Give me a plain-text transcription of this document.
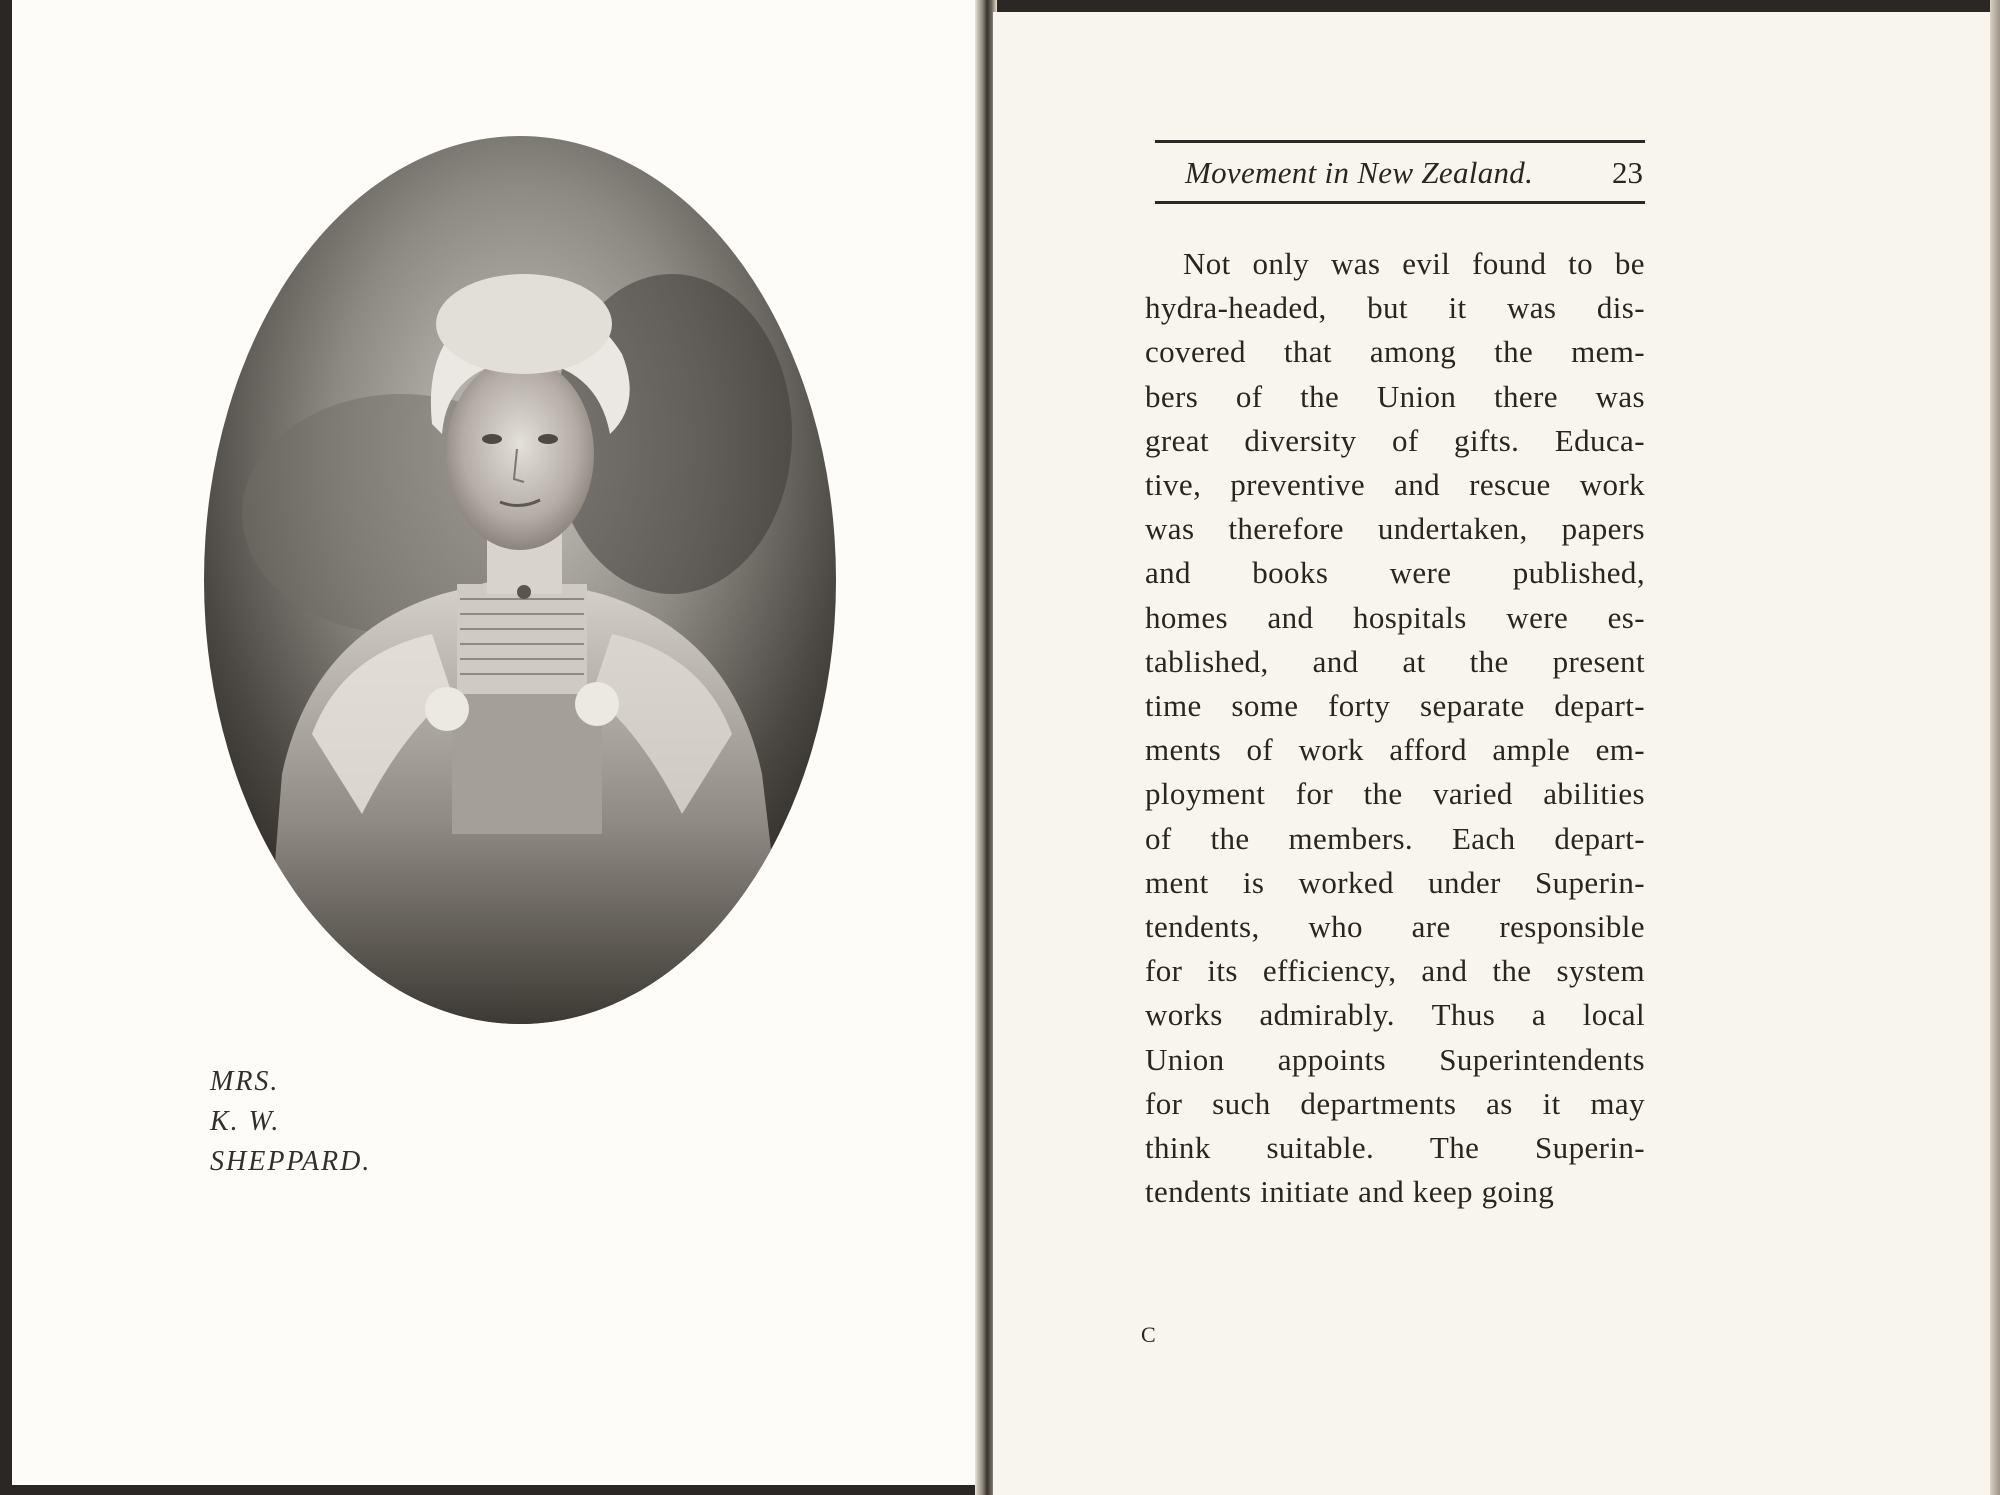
MRS.
K. W.
SHEPPARD.
Movement in New Zealand.	23
Not only was evil found to be
hydra-headed, but it was dis-
covered that among the mem-
bers of the Union there was
great diversity of gifts. Educa-
tive, preventive and rescue work
was therefore undertaken, papers
and books were published,
homes and hospitals were es-
tablished, and at the present
time some forty separate depart-
ments of work afford ample em-
ployment for the varied abilities
of the members. Each depart-
ment is worked under Superin-
tendents, who are responsible
for its efficiency, and the system
works admirably. Thus a local
Union appoints Superintendents
for such departments as it may
think suitable. The Superin-
tendents initiate and keep going
C
